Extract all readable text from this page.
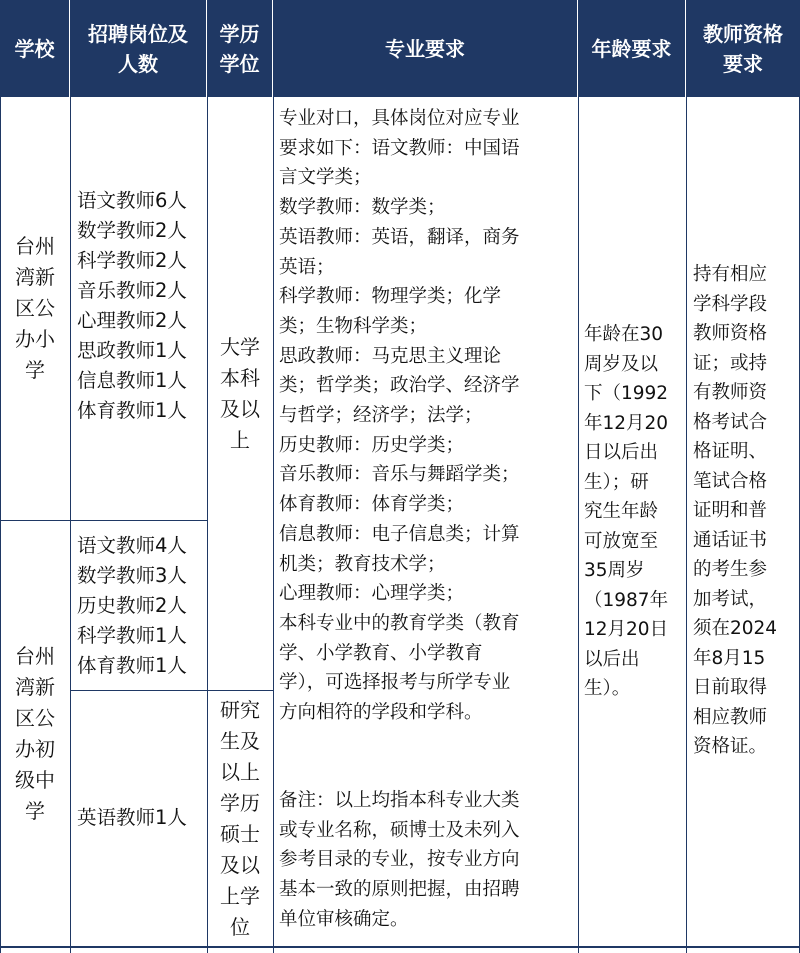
学校
招聘岗位及
人数
学历
学位
专业要求	年龄要求
教师资格
要求
台州
湾新
区公
办小
学
台州
湾新
区公
办初
级中
学
语文教师6人
数学教师2人
科学教师2人
音乐教师2人
心理教师2人
思政教师1人
信息教师1人
体育教师1人
语文教师4人
数学教师3人
历史教师2人
科学教师1人
体育教师1人
英语教师1人
大学
本科
及以
上
研究
生及
以上
学历
硕士
及以
上学
位
专业对口，具体岗位对应专业
要求如下：语文教师：中国语
言文学类；
数学教师：数学类；
英语教师：英语，翻译，商务
英语；
科学教师：物理学类；化学
类；生物科学类；
思政教师：马克思主义理论
类；哲学类；政治学、经济学
与哲学；经济学；法学；
历史教师：历史学类；
音乐教师：音乐与舞蹈学类；
体育教师：体育学类；
信息教师：电子信息类；计算
机类；教育技术学；
心理教师：心理学类；
本科专业中的教育学类（教育
学、小学教育、小学教育
学），可选择报考与所学专业
方向相符的学段和学科。
备注：以上均指本科专业大类
或专业名称，硕博士及未列入
参考目录的专业，按专业方向
基本一致的原则把握，由招聘
单位审核确定。
年龄在30
周岁及以
下（1992
年12月20
日以后出
生）；研
究生年龄
可放宽至
35周岁
（1987年
12月20日
以后出
生）。
持有相应
学科学段
教师资格
证；或持
有教师资
格考试合
格证明、
笔试合格
证明和普
通话证书
的考生参
加考试，
须在2024
年8月15
日前取得
相应教师
资格证。
